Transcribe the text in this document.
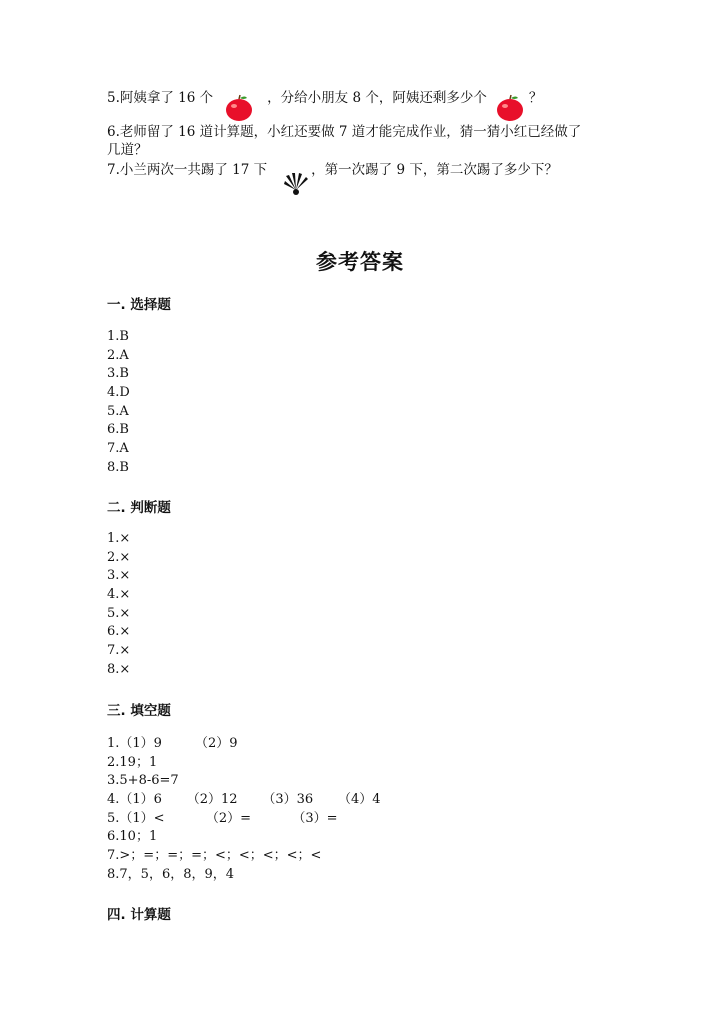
5.阿姨拿了 16 个	，分给小朋友 8 个，阿姨还剩多少个	？
6.老师留了 16 道计算题，小红还要做 7 道才能完成作业，猜一猜小红已经做了
几道？
7.小兰两次一共踢了 17 下	，第一次踢了 9 下，第二次踢了多少下？
参考答案
一. 选择题
1.B
2.A
3.B
4.D
5.A
6.B
7.A
8.B
二. 判断题
1.×
2.×
3.×
4.×
5.×
6.×
7.×
8.×
三. 填空题
1.（1）9        （2）9
2.19；1
3.5+8-6=7
4.（1）6      （2）12      （3）36      （4）4
5.（1）<          （2）=          （3）=
6.10；1
7.>；=；=；=；<；<；<；<；<
8.7，5，6，8，9，4
四. 计算题
